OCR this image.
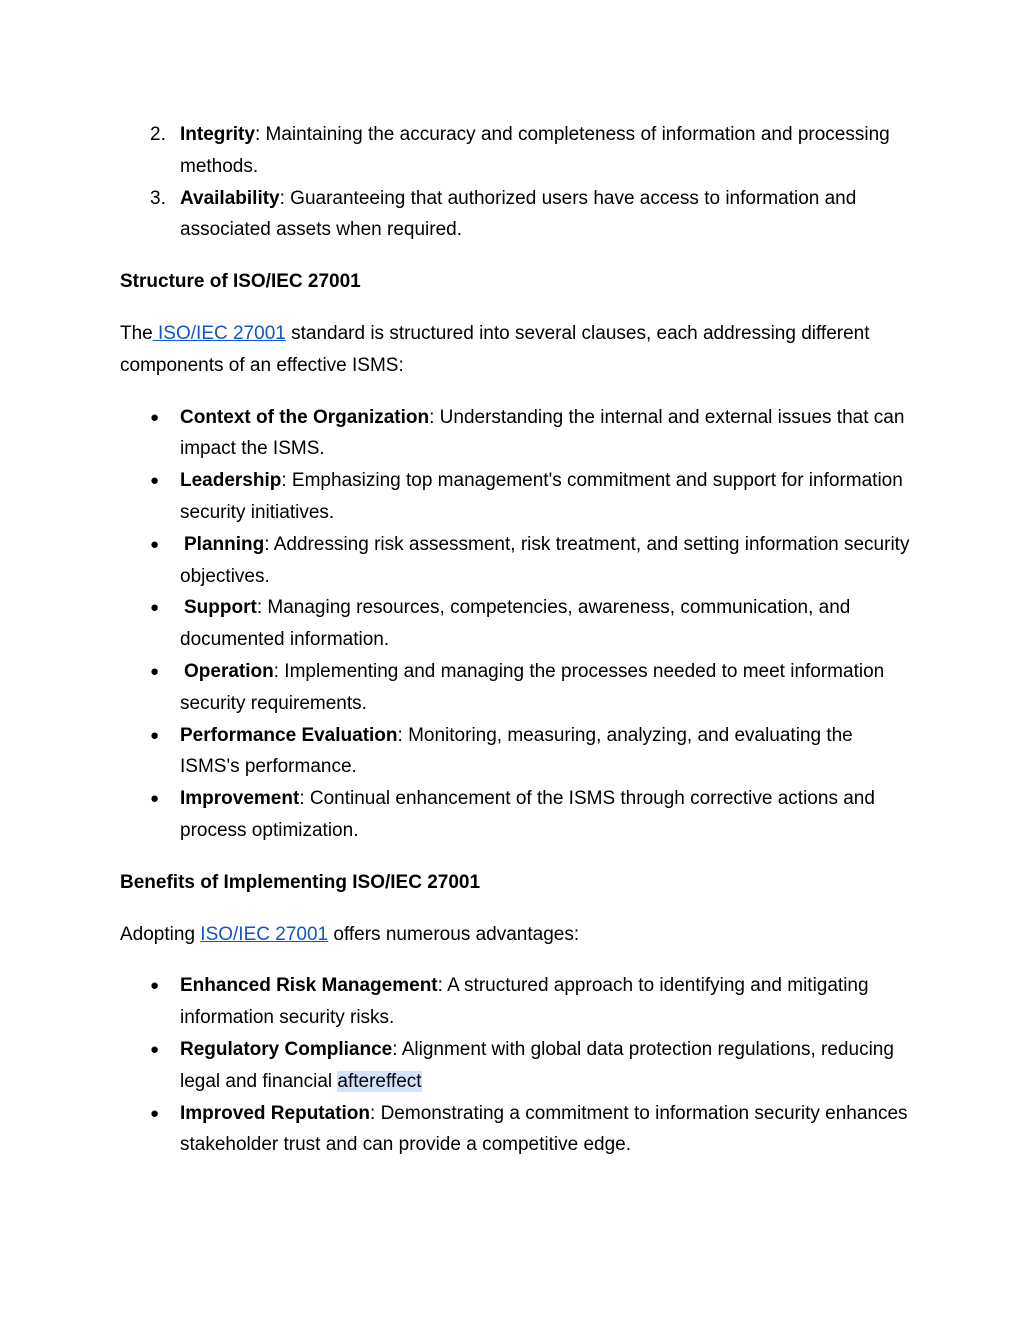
2. Integrity: Maintaining the accuracy and completeness of information and processing methods.
3. Availability: Guaranteeing that authorized users have access to information and associated assets when required.
Structure of ISO/IEC 27001

The ISO/IEC 27001 standard is structured into several clauses, each addressing different components of an effective ISMS:

● Context of the Organization: Understanding the internal and external issues that can impact the ISMS.
● Leadership: Emphasizing top management's commitment and support for information security initiatives.
● Planning: Addressing risk assessment, risk treatment, and setting information security objectives.
● Support: Managing resources, competencies, awareness, communication, and documented information.
● Operation: Implementing and managing the processes needed to meet information security requirements.
● Performance Evaluation: Monitoring, measuring, analyzing, and evaluating the ISMS's performance.
● Improvement: Continual enhancement of the ISMS through corrective actions and process optimization.
Benefits of Implementing ISO/IEC 27001

Adopting ISO/IEC 27001 offers numerous advantages:

● Enhanced Risk Management: A structured approach to identifying and mitigating information security risks.
● Regulatory Compliance: Alignment with global data protection regulations, reducing legal and financial aftereffect
● Improved Reputation: Demonstrating a commitment to information security enhances stakeholder trust and can provide a competitive edge.
